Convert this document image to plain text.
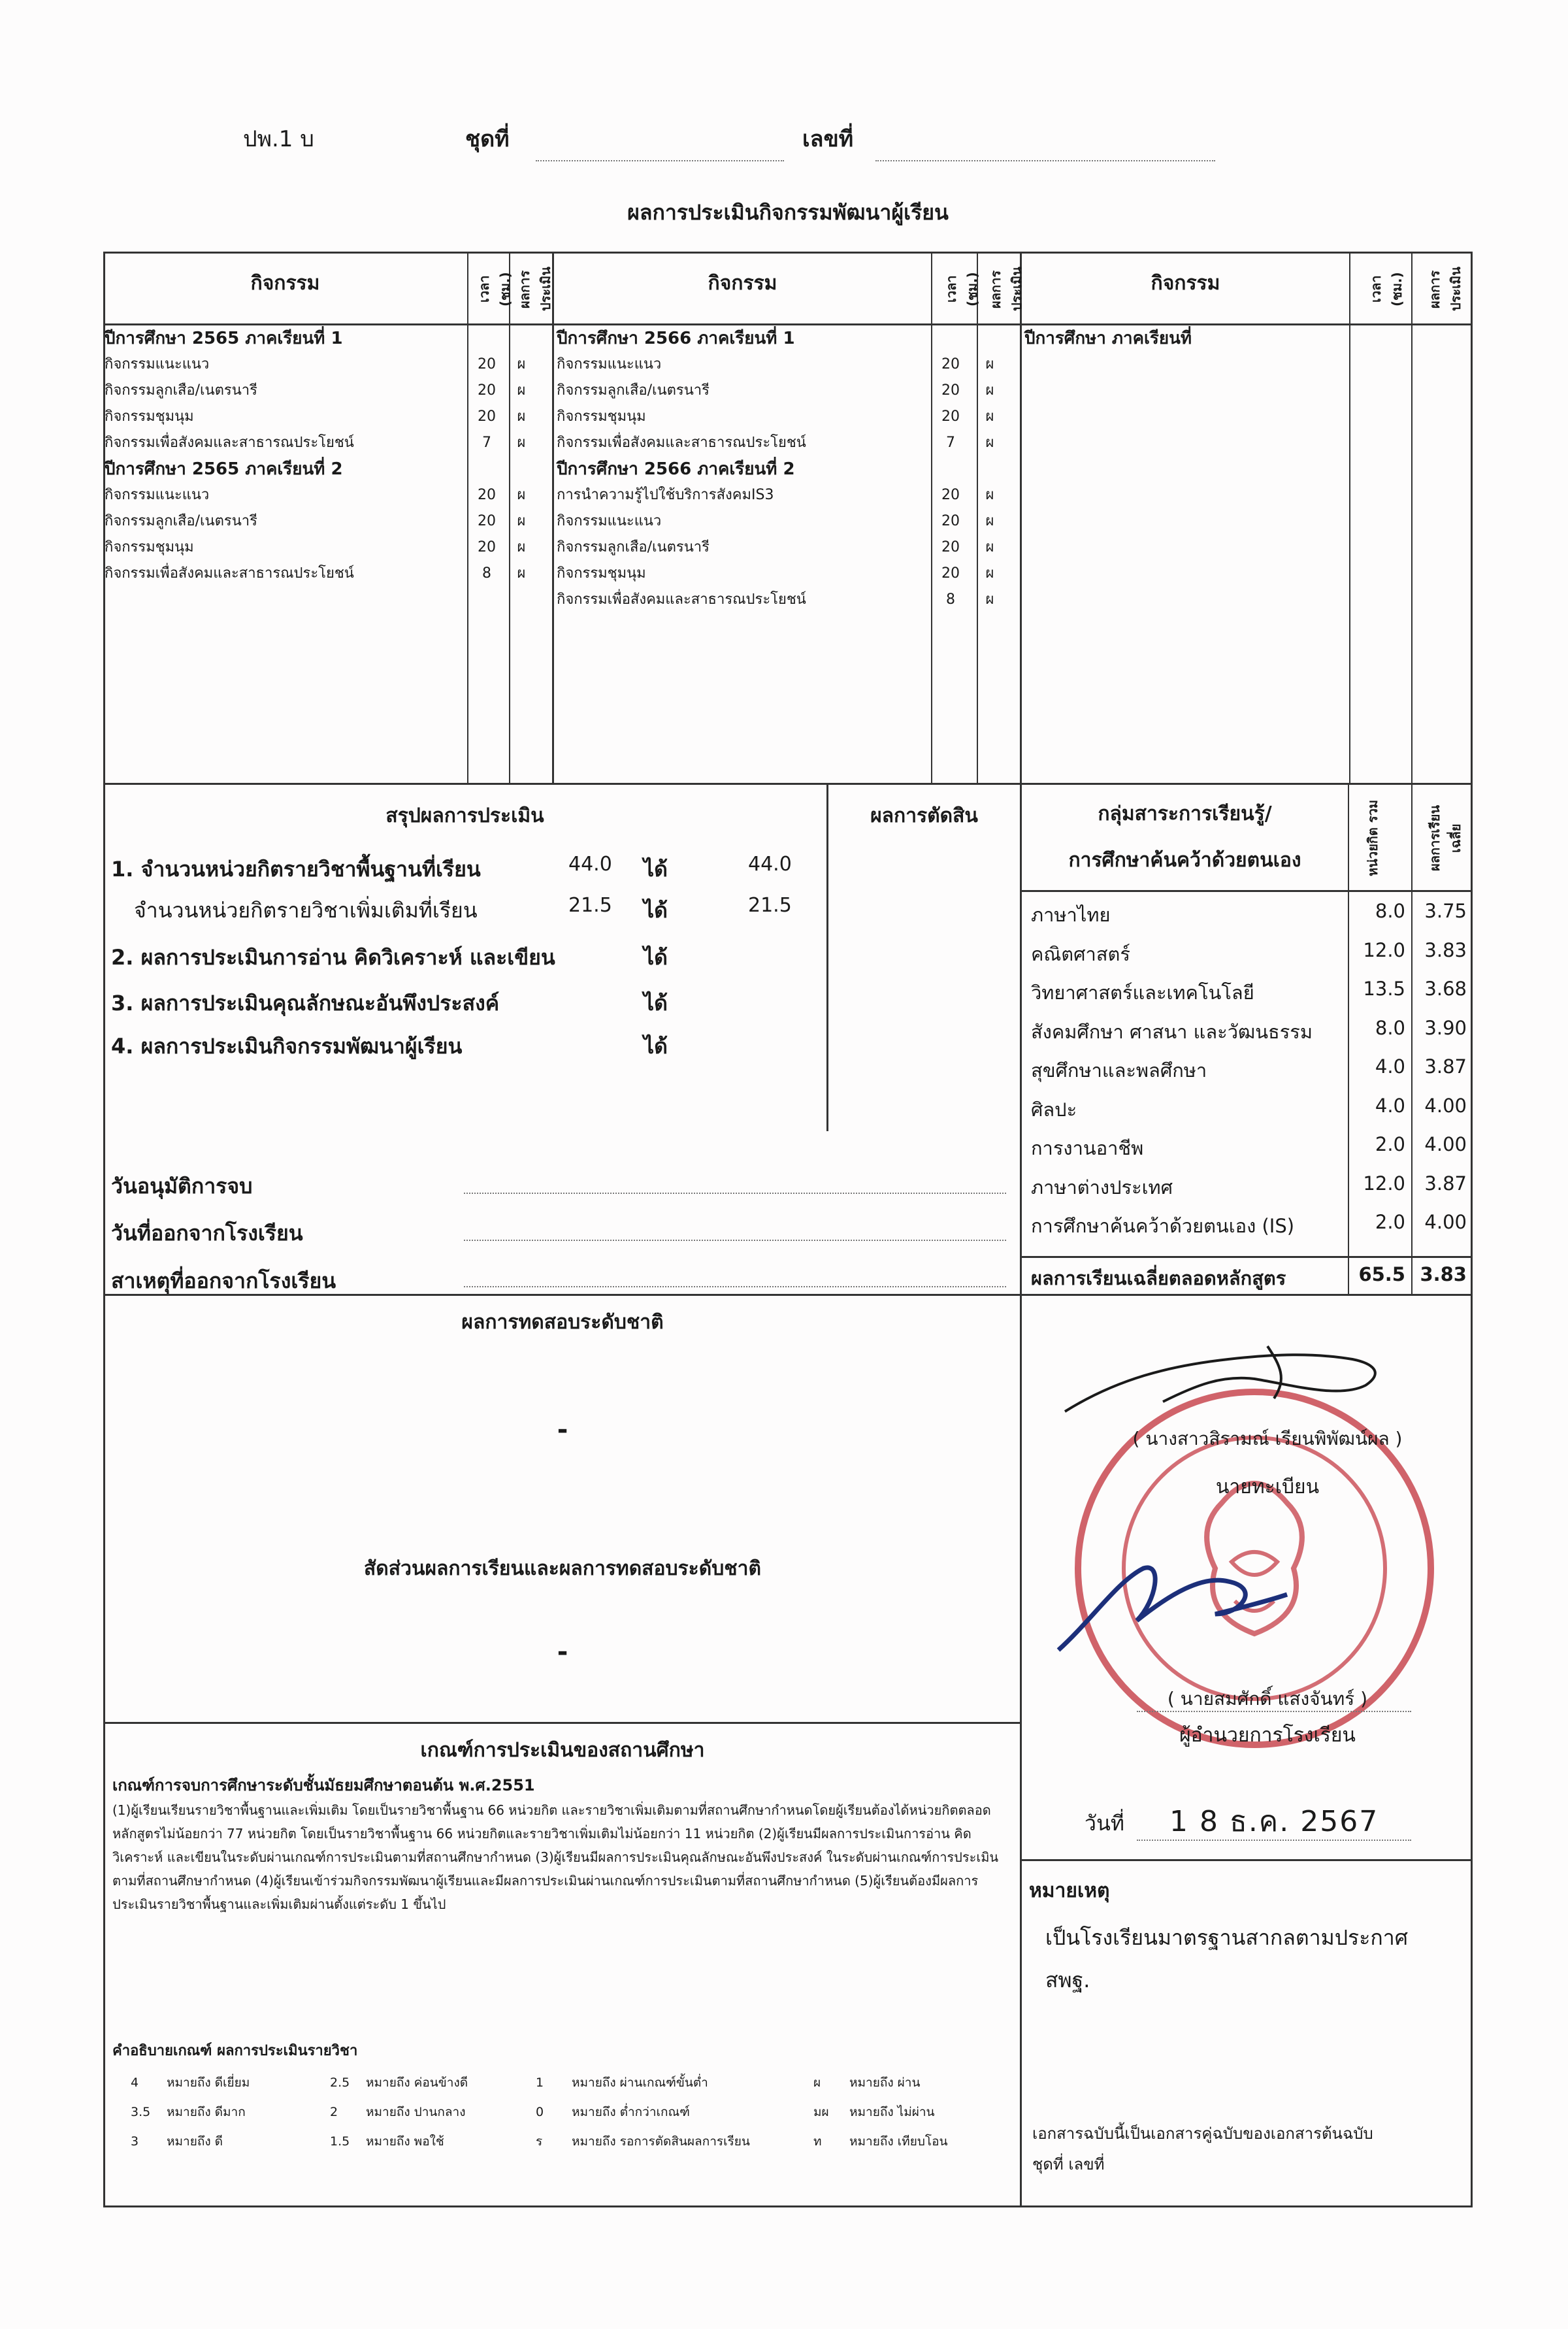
ปพ.1 บ	ชุดที่	เลขที่
ผลการประเมินกิจกรรมพัฒนาผู้เรียน
กิจกรรม	กิจกรรม	กิจกรรม
เวลา (ชม.) ผลการประเมิน	เวลา (ชม.) ผลการประเมิน	เวลา (ชม.) ผลการประเมิน
ปีการศึกษา 2565 ภาคเรียนที่ 1
กิจกรรมแนะแนว	20	ผ
กิจกรรมลูกเสือ/เนตรนารี	20	ผ
กิจกรรมชุมนุม	20	ผ
กิจกรรมเพื่อสังคมและสาธารณประโยชน์	7	ผ
ปีการศึกษา 2565 ภาคเรียนที่ 2
กิจกรรมแนะแนว	20	ผ
กิจกรรมลูกเสือ/เนตรนารี	20	ผ
กิจกรรมชุมนุม	20	ผ
กิจกรรมเพื่อสังคมและสาธารณประโยชน์	8	ผ
ปีการศึกษา 2566 ภาคเรียนที่ 1
กิจกรรมแนะแนว	20	ผ
กิจกรรมลูกเสือ/เนตรนารี	20	ผ
กิจกรรมชุมนุม	20	ผ
กิจกรรมเพื่อสังคมและสาธารณประโยชน์	7	ผ
ปีการศึกษา 2566 ภาคเรียนที่ 2
การนำความรู้ไปใช้บริการสังคมIS3	20	ผ
กิจกรรมแนะแนว	20	ผ
กิจกรรมลูกเสือ/เนตรนารี	20	ผ
กิจกรรมชุมนุม	20	ผ
กิจกรรมเพื่อสังคมและสาธารณประโยชน์	8	ผ
ปีการศึกษา ภาคเรียนที่
สรุปผลการประเมิน	ผลการตัดสิน
1. จำนวนหน่วยกิตรายวิชาพื้นฐานที่เรียน	44.0 ได้	44.0
จำนวนหน่วยกิตรายวิชาเพิ่มเติมที่เรียน	21.5 ได้	21.5
2. ผลการประเมินการอ่าน คิดวิเคราะห์ และเขียน	ได้
3. ผลการประเมินคุณลักษณะอันพึงประสงค์	ได้
4. ผลการประเมินกิจกรรมพัฒนาผู้เรียน	ได้
กลุ่มสาระการเรียนรู้/
การศึกษาค้นคว้าด้วยตนเอง	หน่วยกิต รวม	ผลการเรียน เฉลี่ย
ภาษาไทย	8.0	3.75
คณิตศาสตร์	12.0	3.83
วิทยาศาสตร์และเทคโนโลยี	13.5	3.68
สังคมศึกษา ศาสนา และวัฒนธรรม	8.0	3.90
สุขศึกษาและพลศึกษา	4.0	3.87
ศิลปะ	4.0	4.00
การงานอาชีพ	2.0	4.00
ภาษาต่างประเทศ	12.0	3.87
การศึกษาค้นคว้าด้วยตนเอง (IS)	2.0	4.00
ผลการเรียนเฉลี่ยตลอดหลักสูตร	65.5 3.83
วันอนุมัติการจบ
วันที่ออกจากโรงเรียน
สาเหตุที่ออกจากโรงเรียน
ผลการทดสอบระดับชาติ
-
สัดส่วนผลการเรียนและผลการทดสอบระดับชาติ
-
เกณฑ์การประเมินของสถานศึกษา
เกณฑ์การจบการศึกษาระดับชั้นมัธยมศึกษาตอนต้น พ.ศ.2551
(1)ผู้เรียนเรียนรายวิชาพื้นฐานและเพิ่มเติม โดยเป็นรายวิชาพื้นฐาน 66 หน่วยกิต และรายวิชาเพิ่มเติมตามที่สถานศึกษากำหนดโดยผู้เรียนต้องได้หน่วยกิตตลอดหลักสูตรไม่น้อยกว่า 77 หน่วยกิต โดยเป็นรายวิชาพื้นฐาน 66 หน่วยกิตและรายวิชาเพิ่มเติมไม่น้อยกว่า 11 หน่วยกิต (2)ผู้เรียนมีผลการประเมินการอ่าน คิดวิเคราะห์ และเขียนในระดับผ่านเกณฑ์การประเมินตามที่สถานศึกษากำหนด (3)ผู้เรียนมีผลการประเมินคุณลักษณะอันพึงประสงค์ ในระดับผ่านเกณฑ์การประเมินตามที่สถานศึกษากำหนด (4)ผู้เรียนเข้าร่วมกิจกรรมพัฒนาผู้เรียนและมีผลการประเมินผ่านเกณฑ์การประเมินตามที่สถานศึกษากำหนด (5)ผู้เรียนต้องมีผลการประเมินรายวิชาพื้นฐานและเพิ่มเติมผ่านตั้งแต่ระดับ 1 ขึ้นไป
คำอธิบายเกณฑ์ ผลการประเมินรายวิชา
4 หมายถึง ดีเยี่ยม	2.5 หมายถึง ค่อนข้างดี	1 หมายถึง ผ่านเกณฑ์ขั้นต่ำ	ผ หมายถึง ผ่าน
3.5 หมายถึง ดีมาก	2 หมายถึง ปานกลาง	0 หมายถึง ต่ำกว่าเกณฑ์	มผ หมายถึง ไม่ผ่าน
3 หมายถึง ดี	1.5 หมายถึง พอใช้	ร หมายถึง รอการตัดสินผลการเรียน	ท หมายถึง เทียบโอน
( นางสาวสิรามณ์ เรียนพิพัฒน์ผล )
นายทะเบียน
( นายสมศักดิ์ แสงจันทร์ )
ผู้อำนวยการโรงเรียน
วันที่ 1 8 ธ.ค. 2567
หมายเหตุ
เป็นโรงเรียนมาตรฐานสากลตามประกาศ
สพฐ.
เอกสารฉบับนี้เป็นเอกสารคู่ฉบับของเอกสารต้นฉบับ
ชุดที่ เลขที่
